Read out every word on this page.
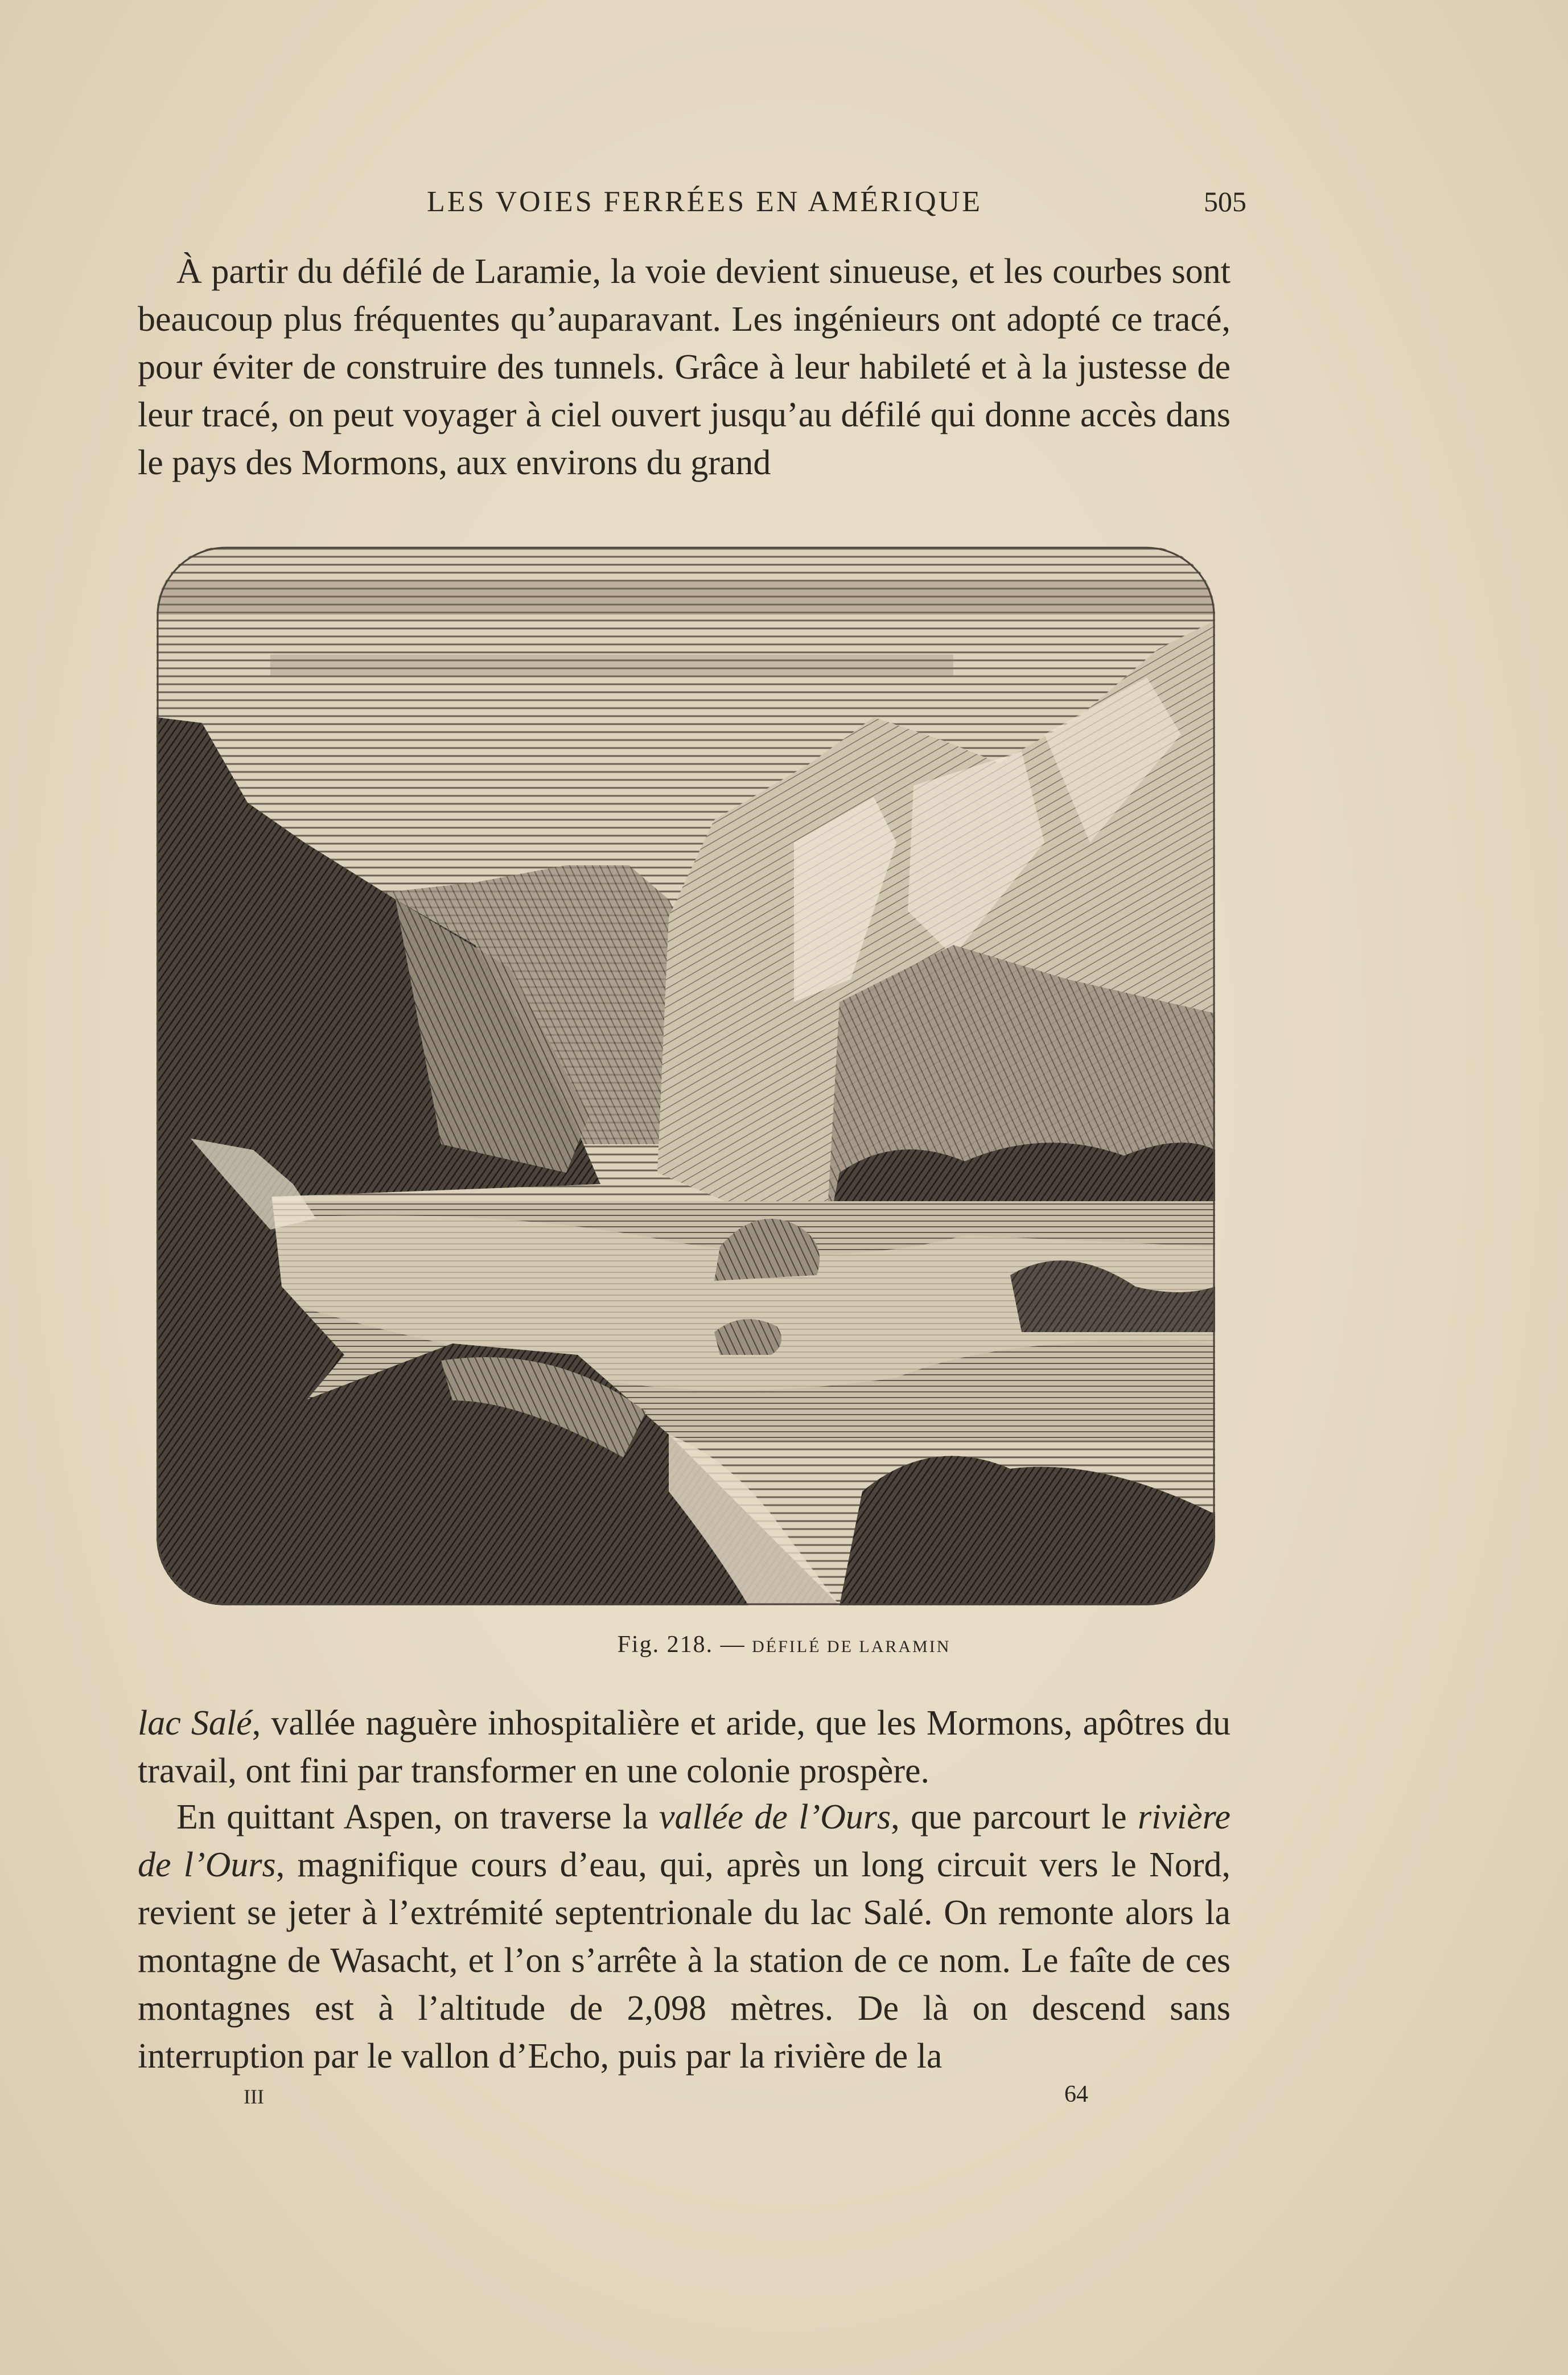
LES VOIES FERRÉES EN AMÉRIQUE	505

À partir du défilé de Laramie, la voie devient sinueuse, et les courbes sont beaucoup plus fréquentes qu’auparavant. Les ingénieurs ont adopté ce tracé, pour éviter de construire des tunnels. Grâce à leur habileté et à la justesse de leur tracé, on peut voyager à ciel ouvert jusqu’au défilé qui donne accès dans le pays des Mormons, aux environs du grand

Fig. 218. — DÉFILÉ DE LARAMIN

lac Salé, vallée naguère inhospitalière et aride, que les Mormons, apôtres du travail, ont fini par transformer en une colonie prospère.

En quittant Aspen, on traverse la vallée de l’Ours, que parcourt le rivière de l’Ours, magnifique cours d’eau, qui, après un long circuit vers le Nord, revient se jeter à l’extrémité septentrionale du lac Salé. On remonte alors la montagne de Wasacht, et l’on s’arrête à la station de ce nom. Le faîte de ces montagnes est à l’altitude de 2,098 mètres. De là on descend sans interruption par le vallon d’Echo, puis par la rivière de la

III	64
